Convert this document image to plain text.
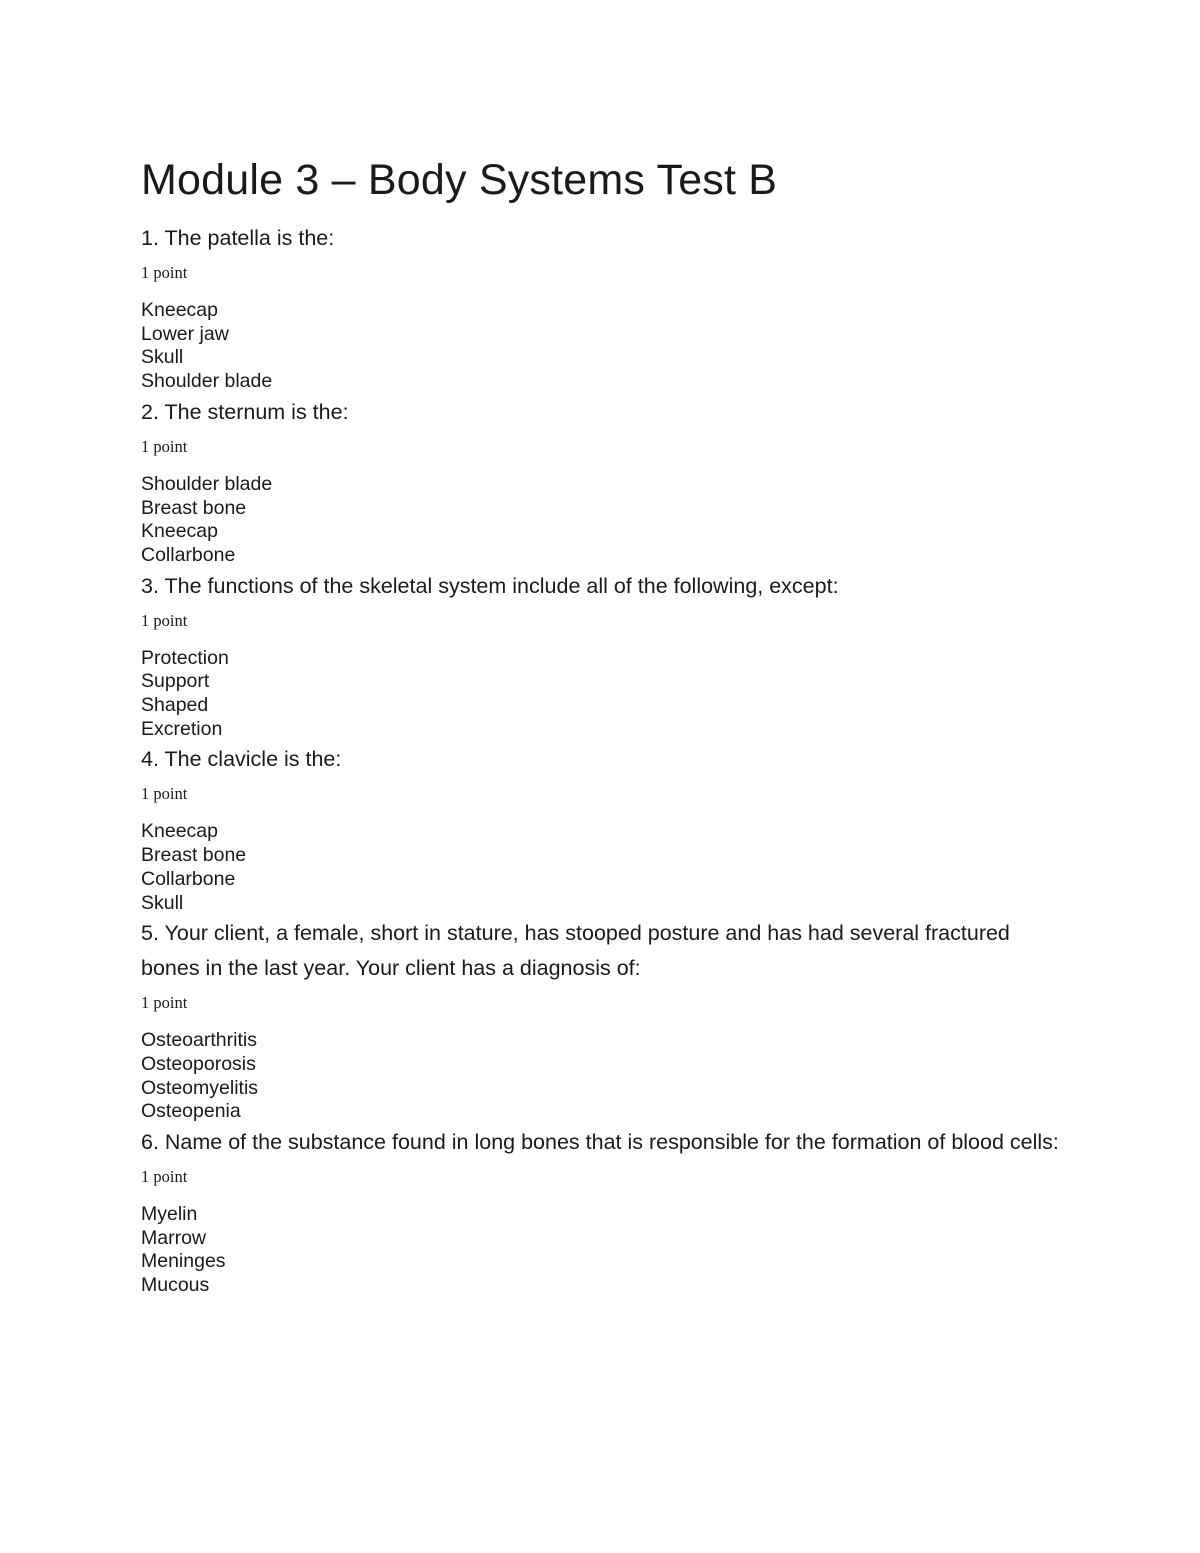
Module 3 – Body Systems Test B

1. The patella is the:

1 point

Kneecap
Lower jaw
Skull
Shoulder blade

2. The sternum is the:

1 point

Shoulder blade
Breast bone
Kneecap
Collarbone

3. The functions of the skeletal system include all of the following, except:

1 point

Protection
Support
Shaped
Excretion

4. The clavicle is the:

1 point

Kneecap
Breast bone
Collarbone
Skull

5. Your client, a female, short in stature, has stooped posture and has had several fractured bones in the last year. Your client has a diagnosis of:

1 point

Osteoarthritis
Osteoporosis
Osteomyelitis
Osteopenia

6. Name of the substance found in long bones that is responsible for the formation of blood cells:

1 point

Myelin
Marrow
Meninges
Mucous
